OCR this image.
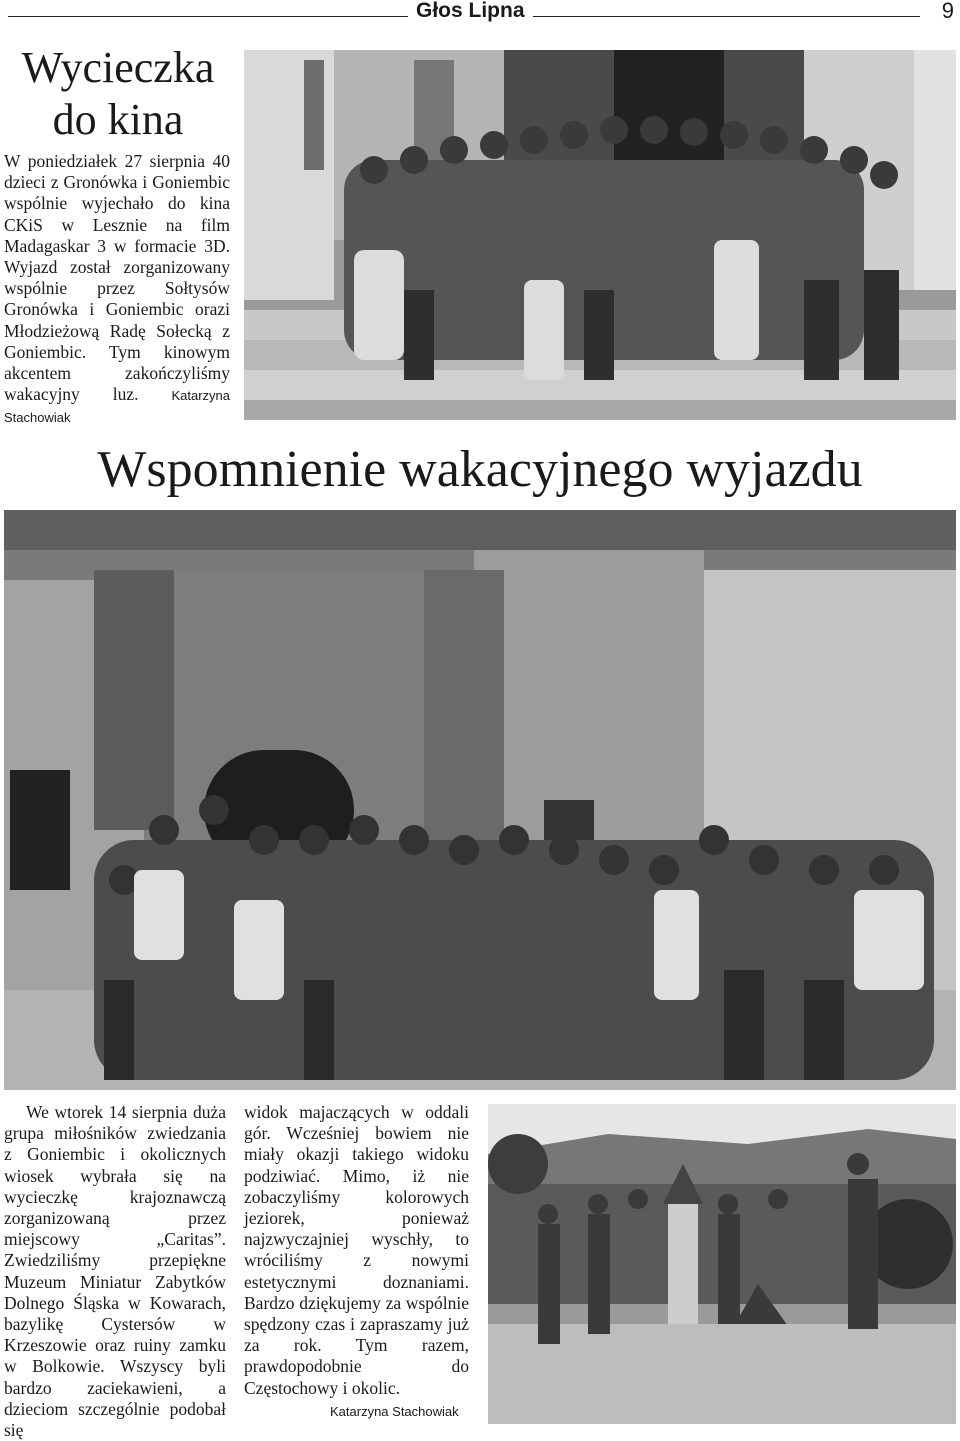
Głos Lipna	9
Wycieczka
do kina

W poniedziałek 27 sierpnia 40 dzieci z Gronówka i Goniembic wspólnie wyjechało do kina CKiS w Lesznie na film Madagaskar 3 w formacie 3D. Wyjazd został zorganizowany wspólnie przez Sołtysów Gronówka i Goniembic orazi Młodzieżową Radę Sołecką z Goniembic. Tym kinowym akcentem zakończyliśmy wakacyjny luz.	Katarzyna Stachowiak

Wspomnienie wakacyjnego wyjazdu

We wtorek 14 sierpnia duża grupa miłośników zwiedzania z Goniembic i okolicznych wiosek wybrała się na wycieczkę krajoznawczą zorganizowaną przez miejscowy „Caritas”. Zwiedziliśmy przepiękne Muzeum Miniatur Zabytków Dolnego Śląska w Kowarach, bazylikę Cystersów w Krzeszowie oraz ruiny zamku w Bolkowie. Wszyscy byli bardzo zaciekawieni, a dzieciom szczególnie podobał się

widok majaczących w oddali gór. Wcześniej bowiem nie miały okazji takiego widoku podziwiać. Mimo, iż nie zobaczyliśmy kolorowych jeziorek, ponieważ najzwyczajniej wyschły, to wróciliśmy z nowymi estetycznymi doznaniami. Bardzo dziękujemy za wspólnie spędzony czas i zapraszamy już za rok. Tym razem, prawdopodobnie do Częstochowy i okolic.

Katarzyna Stachowiak
